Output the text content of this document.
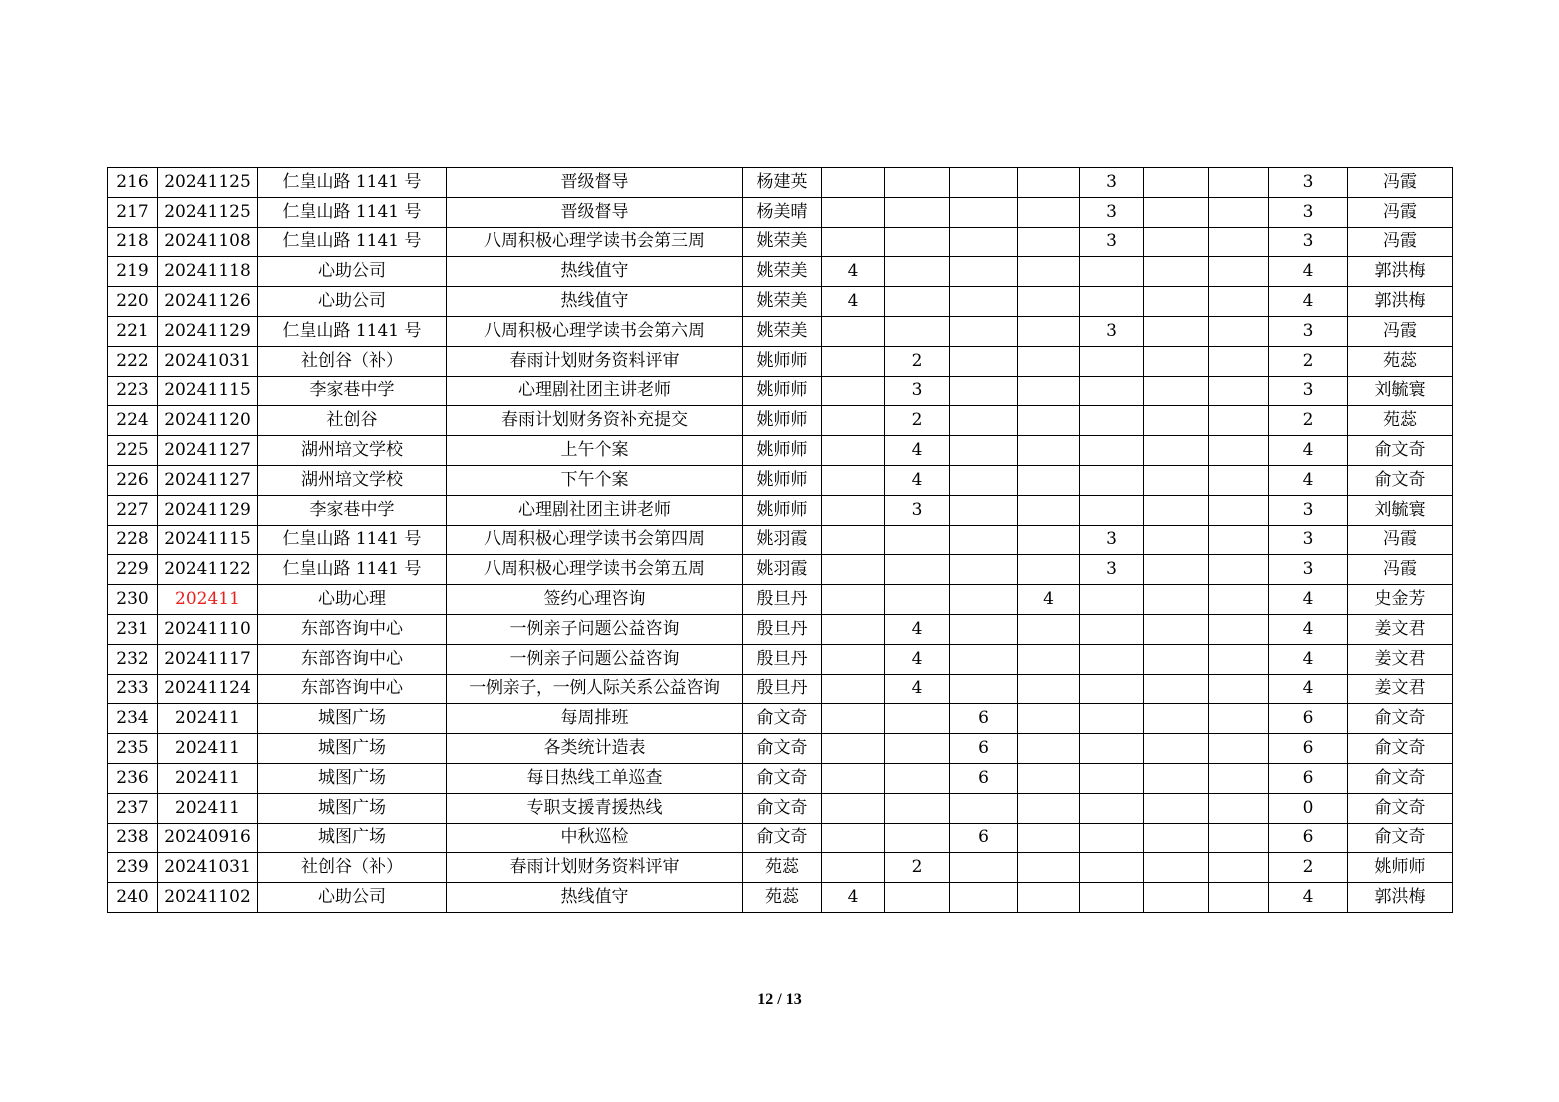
216	20241125	仁皇山路 1141 号	晋级督导	杨建英					3			3	冯霞
217	20241125	仁皇山路 1141 号	晋级督导	杨美晴					3			3	冯霞
218	20241108	仁皇山路 1141 号	八周积极心理学读书会第三周	姚荣美					3			3	冯霞
219	20241118	心助公司	热线值守	姚荣美	4							4	郭洪梅
220	20241126	心助公司	热线值守	姚荣美	4							4	郭洪梅
221	20241129	仁皇山路 1141 号	八周积极心理学读书会第六周	姚荣美					3			3	冯霞
222	20241031	社创谷（补）	春雨计划财务资料评审	姚师师		2						2	苑蕊
223	20241115	李家巷中学	心理剧社团主讲老师	姚师师		3						3	刘毓寰
224	20241120	社创谷	春雨计划财务资补充提交	姚师师		2						2	苑蕊
225	20241127	湖州培文学校	上午个案	姚师师		4						4	俞文奇
226	20241127	湖州培文学校	下午个案	姚师师		4						4	俞文奇
227	20241129	李家巷中学	心理剧社团主讲老师	姚师师		3						3	刘毓寰
228	20241115	仁皇山路 1141 号	八周积极心理学读书会第四周	姚羽霞					3			3	冯霞
229	20241122	仁皇山路 1141 号	八周积极心理学读书会第五周	姚羽霞					3			3	冯霞
230	202411	心助心理	签约心理咨询	殷旦丹				4				4	史金芳
231	20241110	东部咨询中心	一例亲子问题公益咨询	殷旦丹		4						4	姜文君
232	20241117	东部咨询中心	一例亲子问题公益咨询	殷旦丹		4						4	姜文君
233	20241124	东部咨询中心	一例亲子，一例人际关系公益咨询	殷旦丹		4						4	姜文君
234	202411	城图广场	每周排班	俞文奇			6					6	俞文奇
235	202411	城图广场	各类统计造表	俞文奇			6					6	俞文奇
236	202411	城图广场	每日热线工单巡查	俞文奇			6					6	俞文奇
237	202411	城图广场	专职支援青援热线	俞文奇								0	俞文奇
238	20240916	城图广场	中秋巡检	俞文奇			6					6	俞文奇
239	20241031	社创谷（补）	春雨计划财务资料评审	苑蕊		2						2	姚师师
240	20241102	心助公司	热线值守	苑蕊	4							4	郭洪梅
12 / 13
